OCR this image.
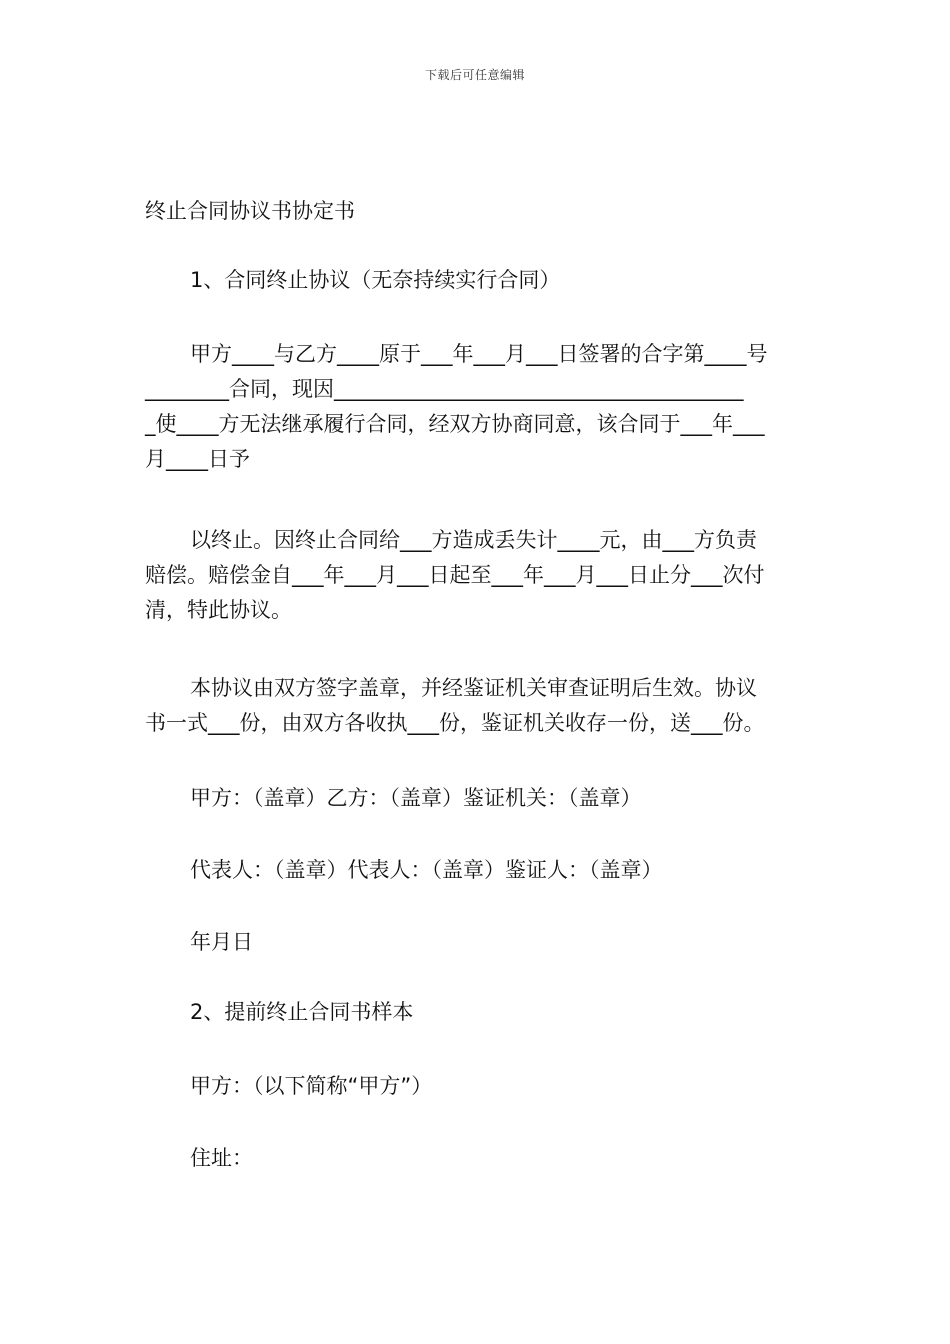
下载后可任意编辑
终止合同协议书协定书
1、合同终止协议（无奈持续实行合同）
甲方____与乙方____原于___年___月___日签署的合字第____号
________合同，现因_______________________________________
_使____方无法继承履行合同，经双方协商同意，该合同于___年___
月____日予
以终止。因终止合同给___方造成丢失计____元，由___方负责
赔偿。赔偿金自___年___月___日起至___年___月___日止分___次付
清，特此协议。
本协议由双方签字盖章，并经鉴证机关审查证明后生效。协议
书一式___份，由双方各收执___份，鉴证机关收存一份，送___份。
甲方：（盖章）乙方：（盖章）鉴证机关：（盖章）
代表人：（盖章）代表人：（盖章）鉴证人：（盖章）
年月日
2、提前终止合同书样本
甲方：（以下简称“甲方”）
住址：
